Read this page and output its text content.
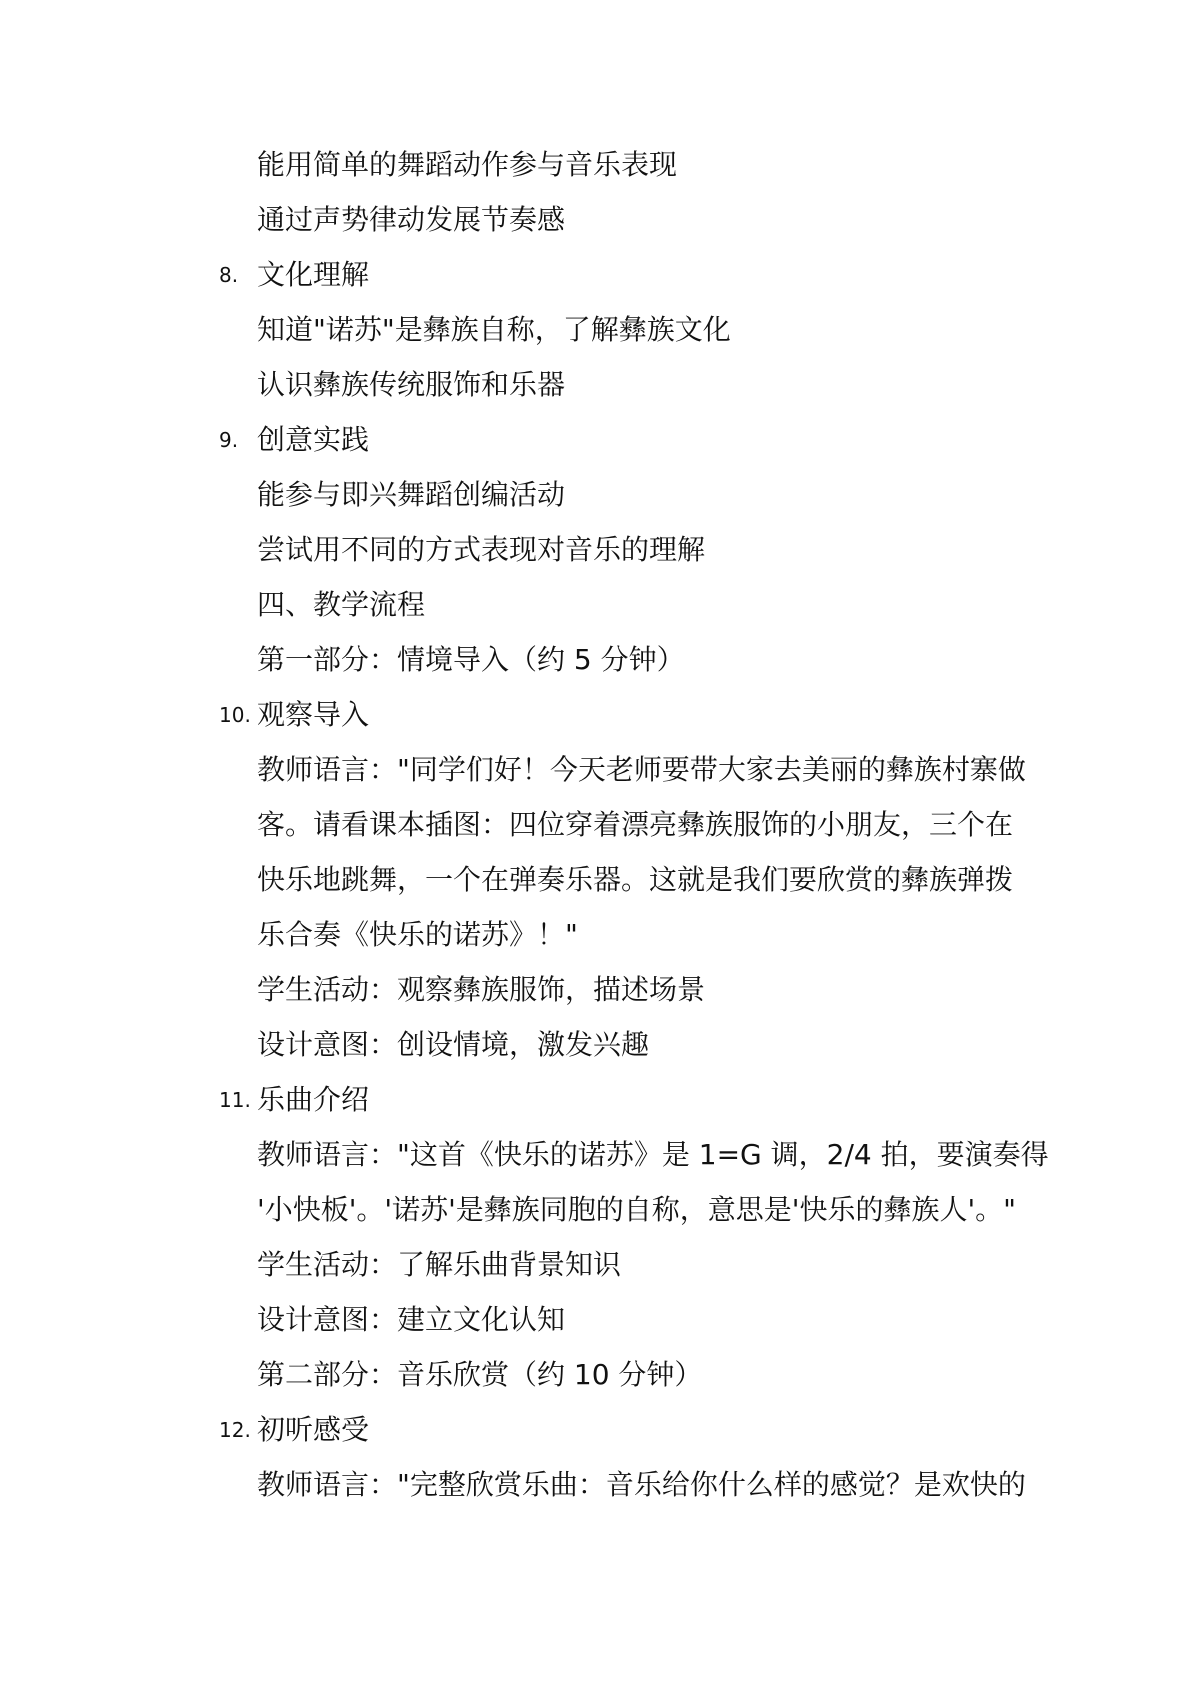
能用简单的舞蹈动作参与音乐表现
通过声势律动发展节奏感
8. 文化理解
知道"诺苏"是彝族自称，了解彝族文化
认识彝族传统服饰和乐器
9. 创意实践
能参与即兴舞蹈创编活动
尝试用不同的方式表现对音乐的理解
四、教学流程
第一部分：情境导入（约 5 分钟）
10. 观察导入
教师语言："同学们好！今天老师要带大家去美丽的彝族村寨做
客。请看课本插图：四位穿着漂亮彝族服饰的小朋友，三个在
快乐地跳舞，一个在弹奏乐器。这就是我们要欣赏的彝族弹拨
乐合奏《快乐的诺苏》！"
学生活动：观察彝族服饰，描述场景
设计意图：创设情境，激发兴趣
11. 乐曲介绍
教师语言："这首《快乐的诺苏》是 1=G 调，2/4 拍，要演奏得
'小快板'。'诺苏'是彝族同胞的自称，意思是'快乐的彝族人'。"
学生活动：了解乐曲背景知识
设计意图：建立文化认知
第二部分：音乐欣赏（约 10 分钟）
12. 初听感受
教师语言："完整欣赏乐曲：音乐给你什么样的感觉？是欢快的
